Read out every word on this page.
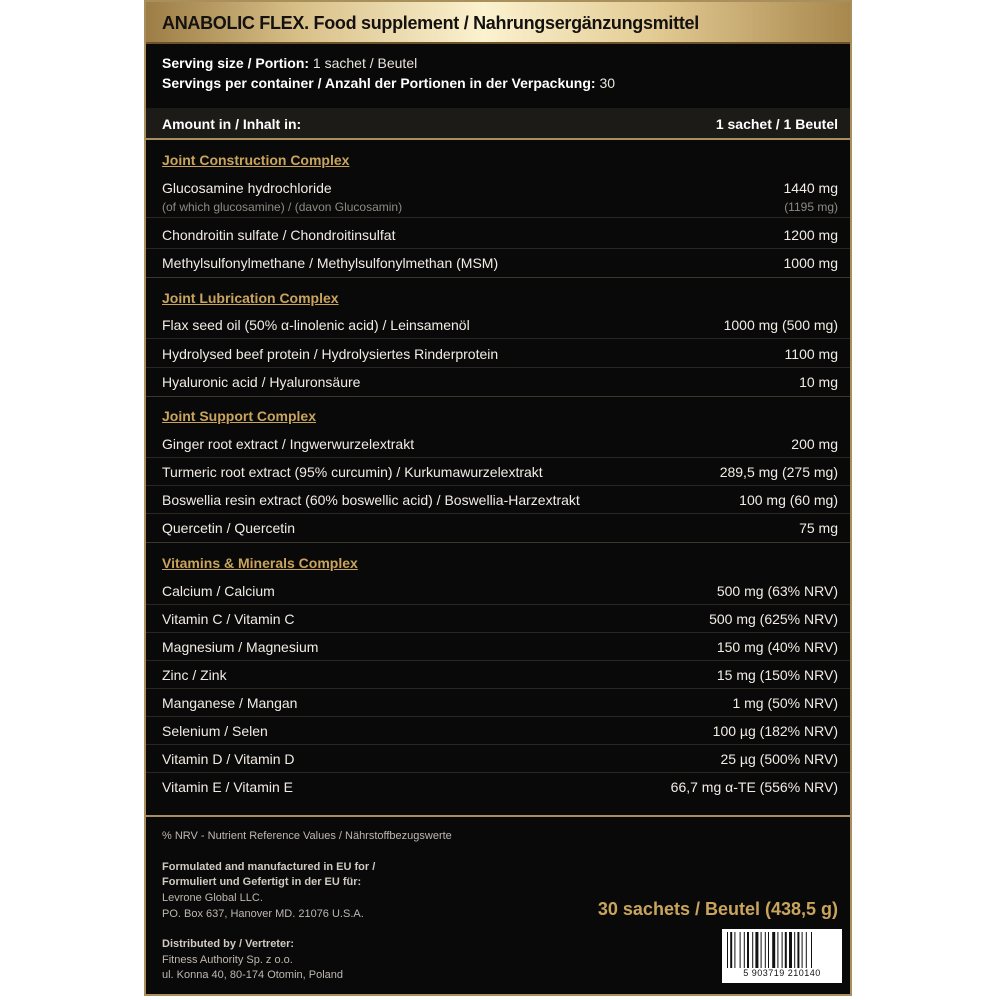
ANABOLIC FLEX. Food supplement / Nahrungsergänzungsmittel
Serving size / Portion: 1 sachet / Beutel
Servings per container / Anzahl der Portionen in der Verpackung: 30
Amount in / Inhalt in:	1 sachet / 1 Beutel
Joint Construction Complex
Glucosamine hydrochloride	1440 mg
(of which glucosamine) / (davon Glucosamin)	(1195 mg)
Chondroitin sulfate / Chondroitinsulfat	1200 mg
Methylsulfonylmethane / Methylsulfonylmethan (MSM)	1000 mg
Joint Lubrication Complex
Flax seed oil (50% α-linolenic acid) / Leinsamenöl	1000 mg (500 mg)
Hydrolysed beef protein / Hydrolysiertes Rinderprotein	1100 mg
Hyaluronic acid / Hyaluronsäure	10 mg
Joint Support Complex
Ginger root extract / Ingwerwurzelextrakt	200 mg
Turmeric root extract (95% curcumin) / Kurkumawurzelextrakt	289,5 mg (275 mg)
Boswellia resin extract (60% boswellic acid) / Boswellia-Harzextrakt	100 mg (60 mg)
Quercetin / Quercetin	75 mg
Vitamins & Minerals Complex
Calcium / Calcium	500 mg (63% NRV)
Vitamin C / Vitamin C	500 mg (625% NRV)
Magnesium / Magnesium	150 mg (40% NRV)
Zinc / Zink	15 mg (150% NRV)
Manganese / Mangan	1 mg (50% NRV)
Selenium / Selen	100 µg (182% NRV)
Vitamin D / Vitamin D	25 µg (500% NRV)
Vitamin E / Vitamin E	66,7 mg α-TE (556% NRV)
% NRV - Nutrient Reference Values / Nährstoffbezugswerte
Formulated and manufactured in EU for /
Formuliert und Gefertigt in der EU für:
Levrone Global LLC.
PO. Box 637, Hanover MD. 21076 U.S.A.
Distributed by / Vertreter:
Fitness Authority Sp. z o.o.
ul. Konna 40, 80-174 Otomin, Poland
30 sachets / Beutel (438,5 g)
5 903719 210140
